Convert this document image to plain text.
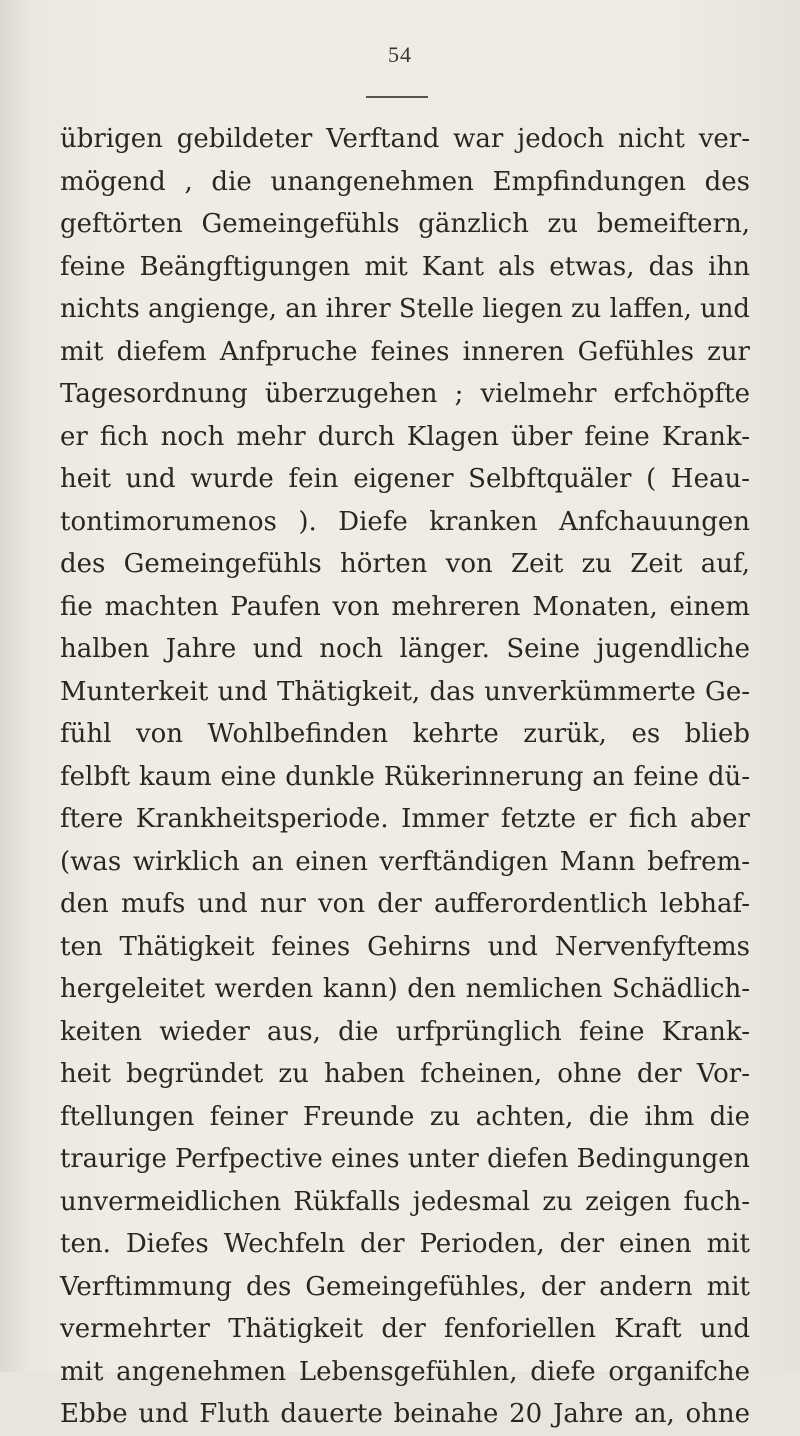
54
übrigen gebildeter Verftand war jedoch nicht ver-
mögend , die unangenehmen Empfindungen des
geftörten Gemeingefühls gänzlich zu bemeiftern,
feine Beängftigungen mit Kant als etwas, das ihn
nichts angienge, an ihrer Stelle liegen zu laffen, und
mit diefem Anfpruche feines inneren Gefühles zur
Tagesordnung überzugehen ; vielmehr erfchöpfte
er fich noch mehr durch Klagen über feine Krank-
heit und wurde fein eigener Selbftquäler ( Heau-
tontimorumenos ). Diefe kranken Anfchauungen
des Gemeingefühls hörten von Zeit zu Zeit auf,
fie machten Paufen von mehreren Monaten, einem
halben Jahre und noch länger. Seine jugendliche
Munterkeit und Thätigkeit, das unverkümmerte Ge-
fühl von Wohlbefinden kehrte zurük, es blieb
felbft kaum eine dunkle Rükerinnerung an feine dü-
ftere Krankheitsperiode. Immer fetzte er fich aber
(was wirklich an einen verftändigen Mann befrem-
den mufs und nur von der aufferordentlich lebhaf-
ten Thätigkeit feines Gehirns und Nervenfyftems
hergeleitet werden kann) den nemlichen Schädlich-
keiten wieder aus, die urfprünglich feine Krank-
heit begründet zu haben fcheinen, ohne der Vor-
ftellungen feiner Freunde zu achten, die ihm die
traurige Perfpective eines unter diefen Bedingungen
unvermeidlichen Rükfalls jedesmal zu zeigen fuch-
ten. Diefes Wechfeln der Perioden, der einen mit
Verftimmung des Gemeingefühles, der andern mit
vermehrter Thätigkeit der fenforiellen Kraft und
mit angenehmen Lebensgefühlen, diefe organifche
Ebbe und Fluth dauerte beinahe 20 Jahre an, ohne
